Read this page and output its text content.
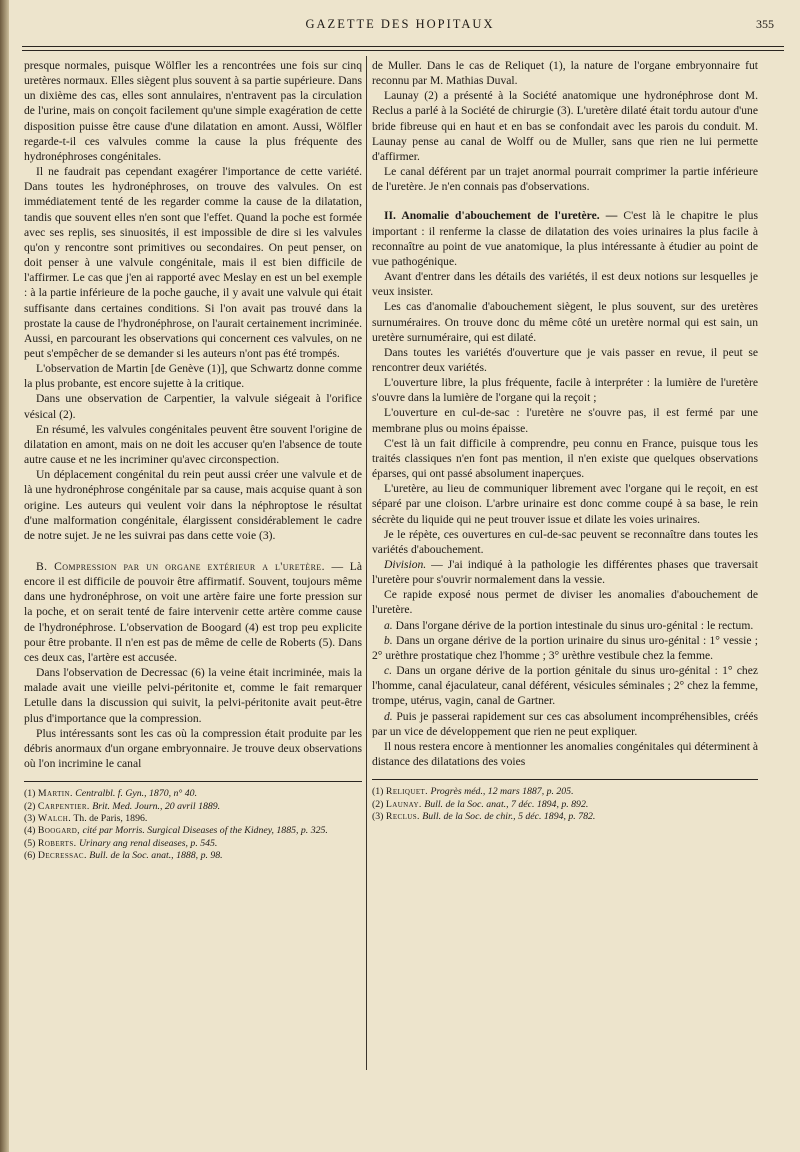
GAZETTE DES HOPITAUX	355

presque normales, puisque Wölfler les a rencontrées une fois sur cinq uretères normaux. Elles siègent plus souvent à sa partie supérieure. Dans un dixième des cas, elles sont annulaires, n'entravent pas la circulation de l'urine, mais on conçoit facilement qu'une simple exagération de cette disposition puisse être cause d'une dilatation en amont. Aussi, Wölfler regarde-t-il ces valvules comme la cause la plus fréquente des hydronéphroses congénitales.

Il ne faudrait pas cependant exagérer l'importance de cette variété. Dans toutes les hydronéphroses, on trouve des valvules. On est immédiatement tenté de les regarder comme la cause de la dilatation, tandis que souvent elles n'en sont que l'effet. Quand la poche est formée avec ses replis, ses sinuosités, il est impossible de dire si les valvules qu'on y rencontre sont primitives ou secondaires. On peut penser, on doit penser à une valvule congénitale, mais il est bien difficile de l'affirmer. Le cas que j'en ai rapporté avec Meslay en est un bel exemple : à la partie inférieure de la poche gauche, il y avait une valvule qui était suffisante dans certaines conditions. Si l'on avait pas trouvé dans la prostate la cause de l'hydronéphrose, on l'aurait certainement incriminée. Aussi, en parcourant les observations qui concernent ces valvules, on ne peut s'empêcher de se demander si les auteurs n'ont pas été trompés.

L'observation de Martin [de Genève (1)], que Schwartz donne comme la plus probante, est encore sujette à la critique.

Dans une observation de Carpentier, la valvule siégeait à l'orifice vésical (2).

En résumé, les valvules congénitales peuvent être souvent l'origine de dilatation en amont, mais on ne doit les accuser qu'en l'absence de toute autre cause et ne les incriminer qu'avec circonspection.

Un déplacement congénital du rein peut aussi créer une valvule et de là une hydronéphrose congénitale par sa cause, mais acquise quant à son origine. Les auteurs qui veulent voir dans la néphroptose le résultat d'une malformation congénitale, élargissent considérablement le cadre de notre sujet. Je ne les suivrai pas dans cette voie (3).

B. Compression par un organe extérieur a l'uretère. — Là encore il est difficile de pouvoir être affirmatif. Souvent, toujours même dans une hydronéphrose, on voit une artère faire une forte pression sur la poche, et on serait tenté de faire intervenir cette artère comme cause de l'hydronéphrose. L'observation de Boogard (4) est trop peu explicite pour être probante. Il n'en est pas de même de celle de Roberts (5). Dans ces deux cas, l'artère est accusée.

Dans l'observation de Decressac (6) la veine était incriminée, mais la malade avait une vieille pelvi-péritonite et, comme le fait remarquer Letulle dans la discussion qui suivit, la pelvi-péritonite avait peut-être plus d'importance que la compression.

Plus intéressants sont les cas où la compression était produite par les débris anormaux d'un organe embryonnaire. Je trouve deux observations où l'on incrimine le canal

(1) Martin. Centralbl. f. Gyn., 1870, n° 40.

(2) Carpentier. Brit. Med. Journ., 20 avril 1889.

(3) Walch. Th. de Paris, 1896.

(4) Boogard, cité par Morris. Surgical Diseases of the Kidney, 1885, p. 325.

(5) Roberts. Urinary ang renal diseases, p. 545.

(6) Decressac. Bull. de la Soc. anat., 1888, p. 98.

de Muller. Dans le cas de Reliquet (1), la nature de l'organe embryonnaire fut reconnu par M. Mathias Duval.

Launay (2) a présenté à la Société anatomique une hydronéphrose dont M. Reclus a parlé à la Société de chirurgie (3). L'uretère dilaté était tordu autour d'une bride fibreuse qui en haut et en bas se confondait avec les parois du conduit. M. Launay pense au canal de Wolff ou de Muller, sans que rien ne lui permette d'affirmer.

Le canal déférent par un trajet anormal pourrait comprimer la partie inférieure de l'uretère. Je n'en connais pas d'observations.

II. Anomalie d'abouchement de l'uretère. — C'est là le chapitre le plus important : il renferme la classe de dilatation des voies urinaires la plus facile à reconnaître au point de vue anatomique, la plus intéressante à étudier au point de vue pathogénique.

Avant d'entrer dans les détails des variétés, il est deux notions sur lesquelles je veux insister.

Les cas d'anomalie d'abouchement siègent, le plus souvent, sur des uretères surnuméraires. On trouve donc du même côté un uretère normal qui est sain, un uretère surnuméraire, qui est dilaté.

Dans toutes les variétés d'ouverture que je vais passer en revue, il peut se rencontrer deux variétés.

L'ouverture libre, la plus fréquente, facile à interpréter : la lumière de l'uretère s'ouvre dans la lumière de l'organe qui la reçoit ;

L'ouverture en cul-de-sac : l'uretère ne s'ouvre pas, il est fermé par une membrane plus ou moins épaisse.

C'est là un fait difficile à comprendre, peu connu en France, puisque tous les traités classiques n'en font pas mention, il n'en existe que quelques observations éparses, qui ont passé absolument inaperçues.

L'uretère, au lieu de communiquer librement avec l'organe qui le reçoit, en est séparé par une cloison. L'arbre urinaire est donc comme coupé à sa base, le rein sécrète du liquide qui ne peut trouver issue et dilate les voies urinaires.

Je le répète, ces ouvertures en cul-de-sac peuvent se reconnaître dans toutes les variétés d'abouchement.

Division. — J'ai indiqué à la pathologie les différentes phases que traversait l'uretère pour s'ouvrir normalement dans la vessie.

Ce rapide exposé nous permet de diviser les anomalies d'abouchement de l'uretère.

a. Dans l'organe dérive de la portion intestinale du sinus uro-génital : le rectum.

b. Dans un organe dérive de la portion urinaire du sinus uro-génital : 1° vessie ; 2° urèthre prostatique chez l'homme ; 3° urèthre vestibule chez la femme.

c. Dans un organe dérive de la portion génitale du sinus uro-génital : 1° chez l'homme, canal éjaculateur, canal déférent, vésicules séminales ; 2° chez la femme, trompe, utérus, vagin, canal de Gartner.

d. Puis je passerai rapidement sur ces cas absolument incompréhensibles, créés par un vice de développement que rien ne peut expliquer.

Il nous restera encore à mentionner les anomalies congénitales qui déterminent à distance des dilatations des voies

(1) Reliquet. Progrès méd., 12 mars 1887, p. 205.

(2) Launay. Bull. de la Soc. anat., 7 déc. 1894, p. 892.

(3) Reclus. Bull. de la Soc. de chir., 5 déc. 1894, p. 782.
